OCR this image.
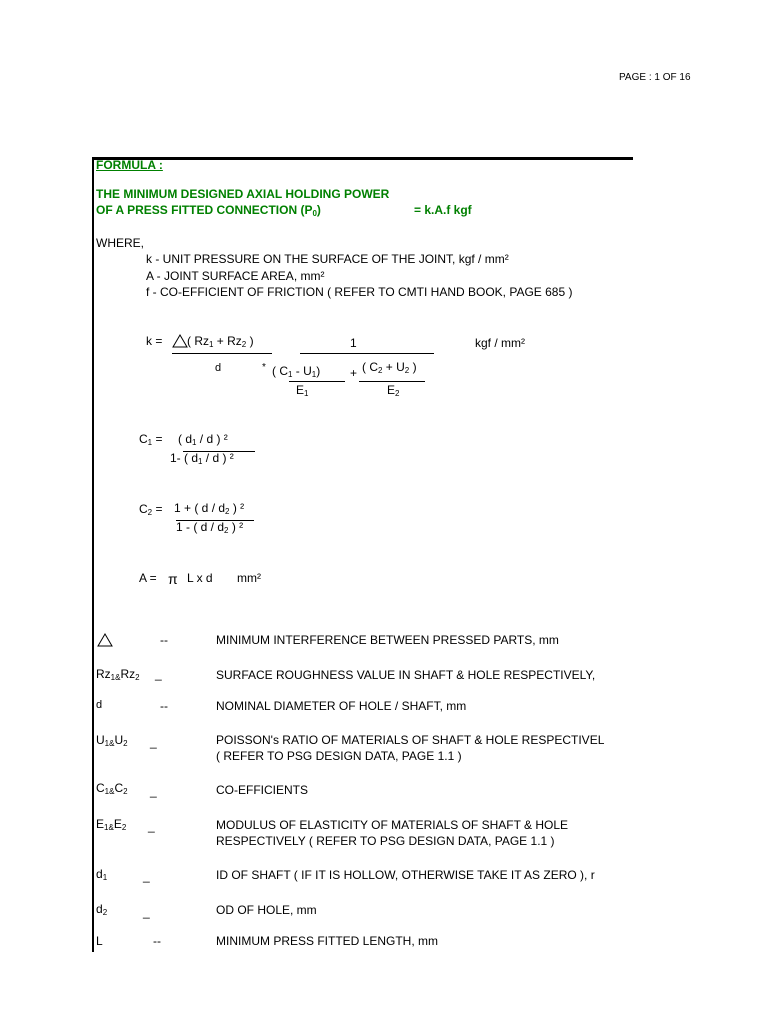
PAGE : 1 OF 16
FORMULA :
THE MINIMUM DESIGNED AXIAL HOLDING POWER
OF A PRESS FITTED CONNECTION $(P_0)$	= k.A.f kgf
WHERE,
k - UNIT PRESSURE ON THE SURFACE OF THE JOINT, kgf / mm²
A - JOINT SURFACE AREA, mm²
f - CO-EFFICIENT OF FRICTION ( REFER TO CMTI HAND BOOK, PAGE 685 )
k = ( $Rz_1 + Rz_2$ )	1	kgf / mm²
d	* ( $C_1 - U_1$) + ( $C_2 + U_2$ )
$E_1$	$E_2$
$C_1$ = ( $d_1$ / d ) ²
1- ( $d_1$ / d ) ²
$C_2 = 1$ + ( d / $d_2$ ) ²
1 - ( d / $d_2$ ) ²
A = π L x d mm²
--	MINIMUM INTERFERENCE BETWEEN PRESSED PARTS, mm
$Rz_{1\&}Rz_2$ _	SURFACE ROUGHNESS VALUE IN SHAFT & HOLE RESPECTIVELY,
d	--	NOMINAL DIAMETER OF HOLE / SHAFT, mm
$U_{1\&}U_2$ _	POISSON's RATIO OF MATERIALS OF SHAFT & HOLE RESPECTIVEL
( REFER TO PSG DESIGN DATA, PAGE 1.1 )
$C_{1\&}C_2$ _	CO-EFFICIENTS
$E_{1\&}E_2$ _	MODULUS OF ELASTICITY OF MATERIALS OF SHAFT & HOLE
RESPECTIVELY ( REFER TO PSG DESIGN DATA, PAGE 1.1 )
$d_1$	_	ID OF SHAFT ( IF IT IS HOLLOW, OTHERWISE TAKE IT AS ZERO ), r
$d_2$	_	OD OF HOLE, mm
L	--	MINIMUM PRESS FITTED LENGTH, mm
